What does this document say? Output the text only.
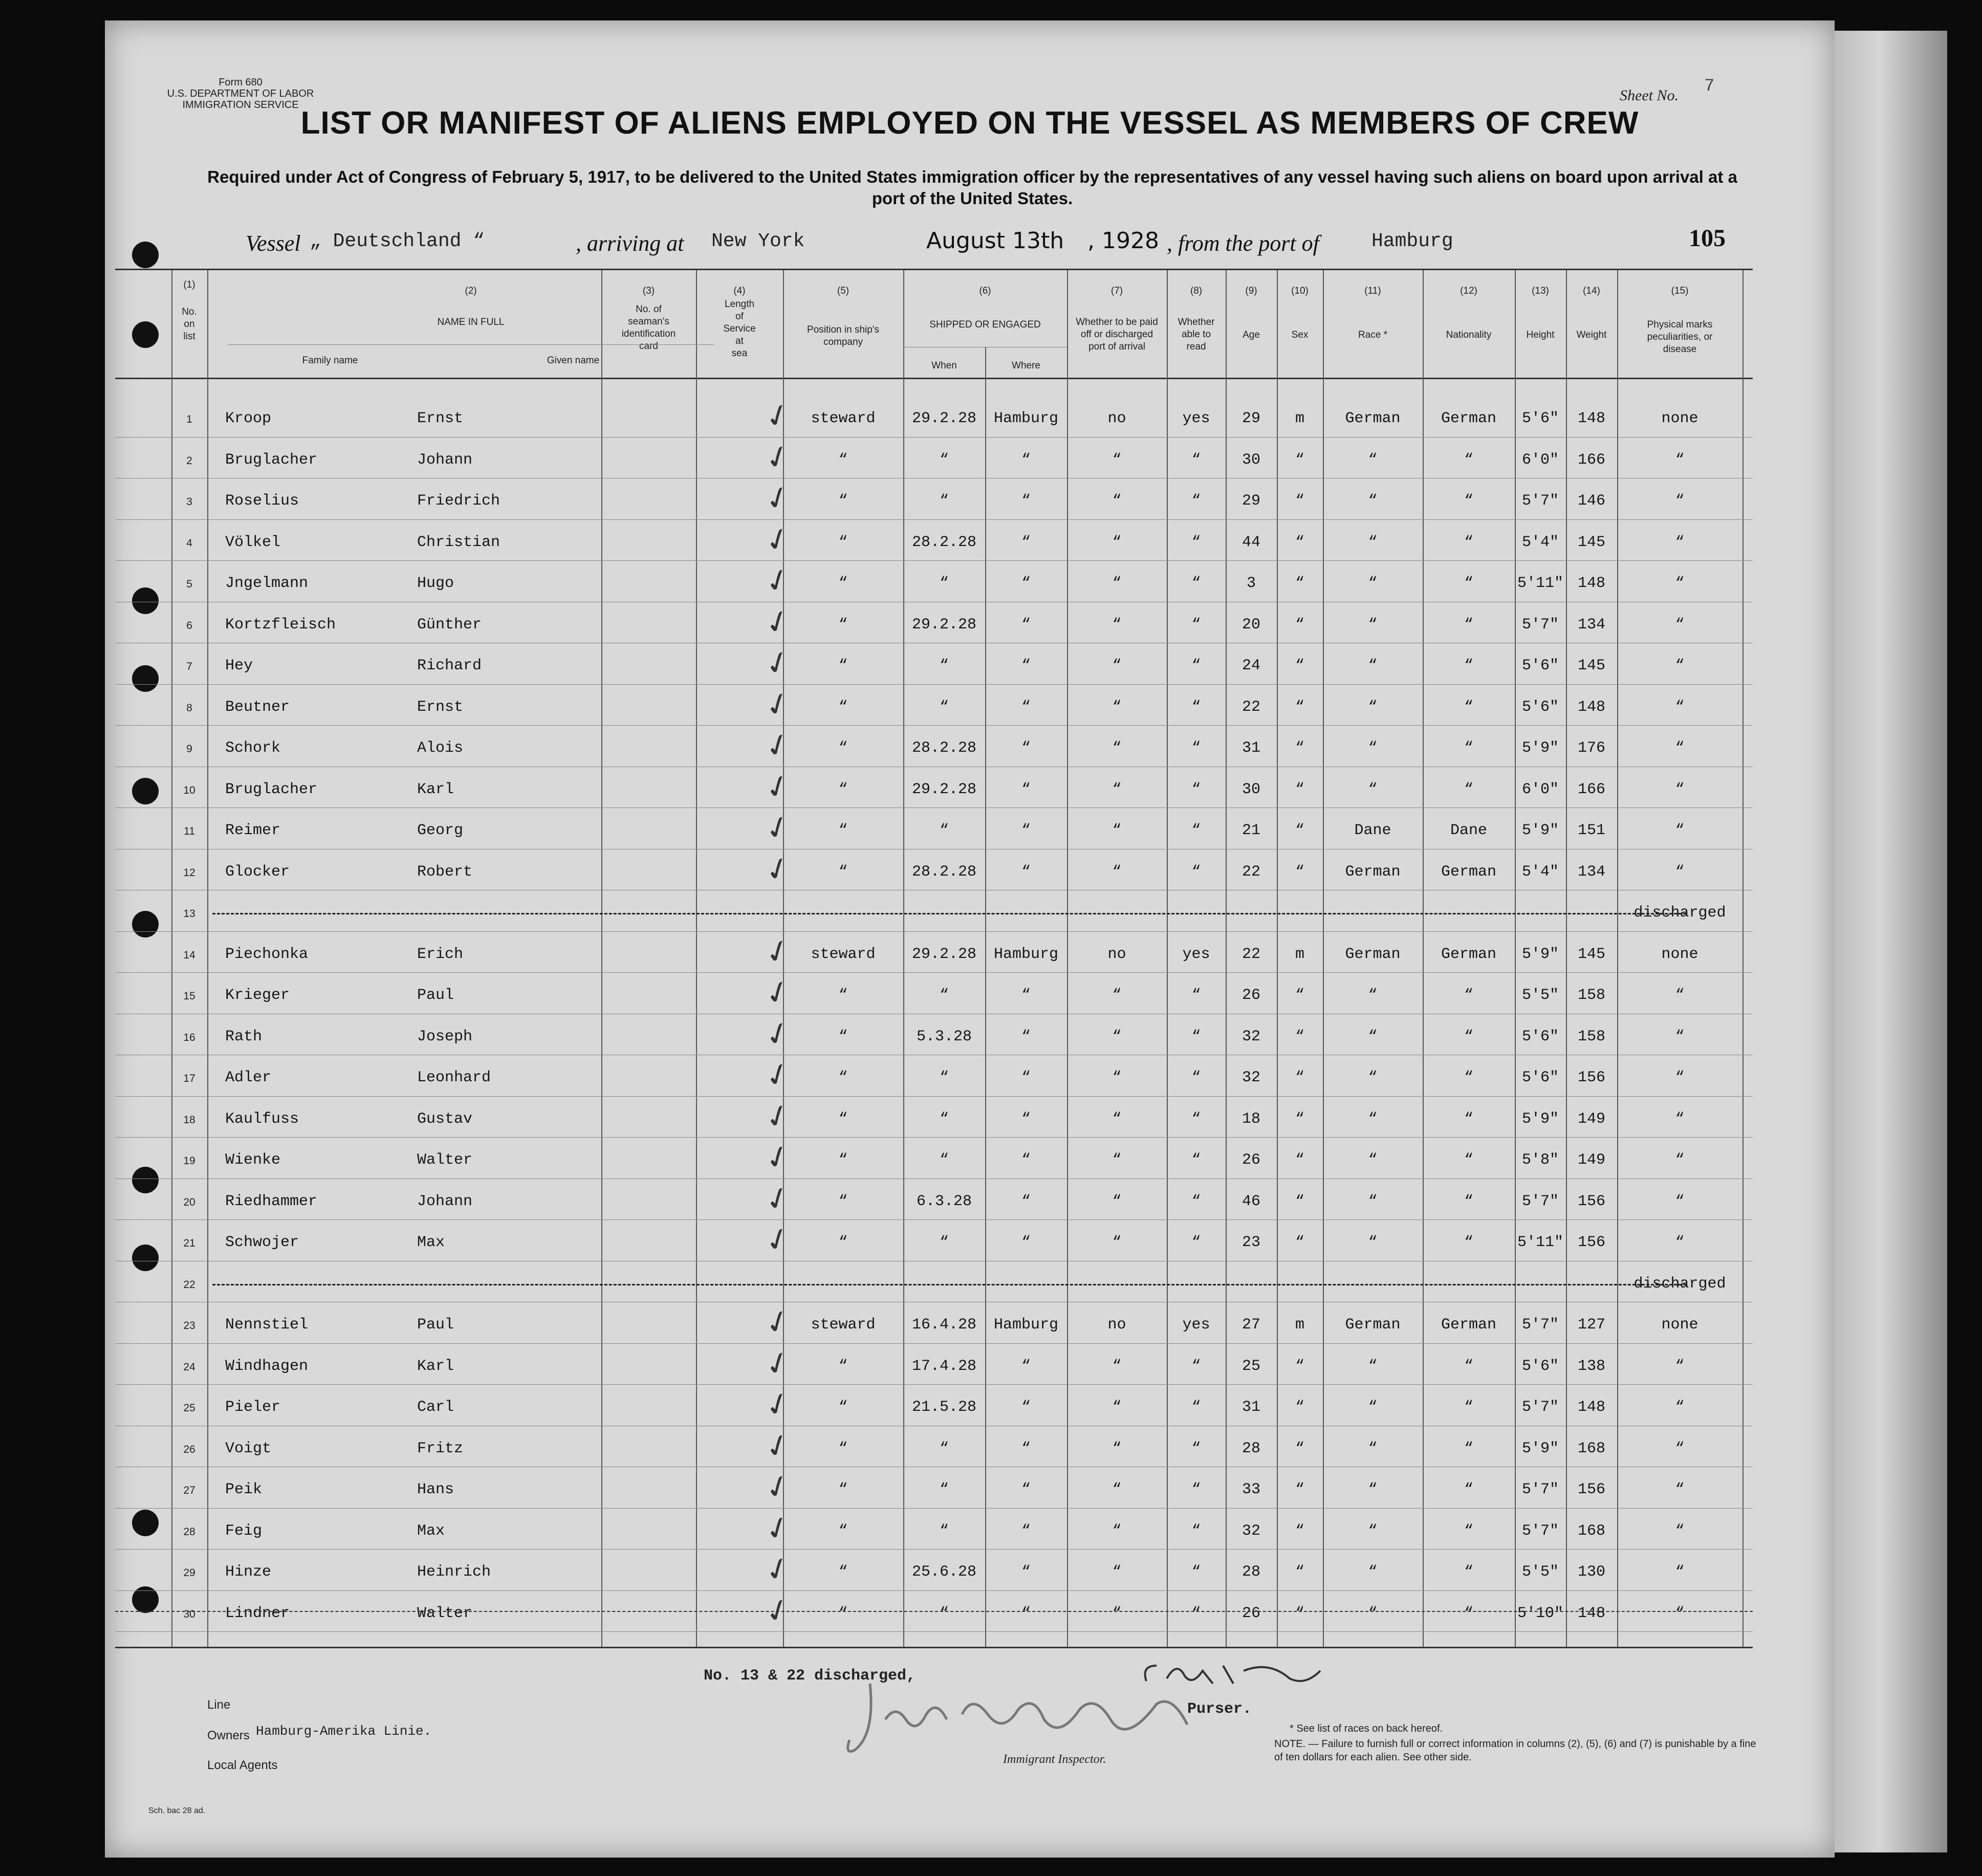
Form 680
U.S. DEPARTMENT OF LABOR
IMMIGRATION SERVICE
Sheet No. 7
LIST OR MANIFEST OF ALIENS EMPLOYED ON THE VESSEL AS MEMBERS OF CREW
Required under Act of Congress of February 5, 1917, to be delivered to the United States immigration officer by the representatives of any vessel having such aliens on board upon arrival at a port of the United States.
Vessel „ Deutschland “	, arriving at New York	August 13th , 1928 , from the port of	Hamburg	105
(1)
No.
on
list
(2)
NAME IN FULL
Family name	Given name
(3)
No. of
seaman's
identification
card
(4)
Length
of
Service
at
sea
(5)
Position in ship's
company
(6)
SHIPPED OR ENGAGED
When	Where
(7)
Whether to be paid
off or discharged
port of arrival
(8)
Whether
able to
read
(9)
Age
(10)
Sex
(11)
Race *
(12)
Nationality
(13)
Height
(14)
Weight
(15)
Physical marks
peculiarities, or
disease
1	Kroop	Ernst	steward	29.2.28	Hamburg	no	yes	29	m	German	German	5'6"	148	none
✓
2	Bruglacher	Johann	“	“	“	“	“	30	“	“	“	6'0"	166	“
✓
3	Roselius	Friedrich	“	“	“	“	“	29	“	“	“	5'7"	146	“
✓
4	Völkel	Christian	“	28.2.28	“	“	“	44	“	“	“	5'4"	145	“
✓
5	Jngelmann	Hugo	“	“	“	“	“	3	“	“	“	5'11" 148	“
✓
6	Kortzfleisch	Günther	“	29.2.28	“	“	“	20	“	“	“	5'7"	134	“
✓
7	Hey	Richard	“	“	“	“	“	24	“	“	“	5'6"	145	“
✓
8	Beutner	Ernst	“	“	“	“	“	22	“	“	“	5'6"	148	“
✓
9	Schork	Alois	“	28.2.28	“	“	“	31	“	“	“	5'9"	176	“
✓
10	Bruglacher	Karl	“	29.2.28	“	“	“	30	“	“	“	6'0"	166	“
✓
11	Reimer	Georg	“	“	“	“	“	21	“	Dane	Dane	5'9"	151	“
✓
12	Glocker	Robert	“	28.2.28	“	“	“	22	“	German	German	5'4"	134	“
✓
13	discharged
14	Piechonka	Erich	steward	29.2.28	Hamburg	no	yes	22	m	German	German	5'9"	145	none
✓
15	Krieger	Paul	“	“	“	“	“	26	“	“	“	5'5"	158	“
✓
16	Rath	Joseph	“	5.3.28	“	“	“	32	“	“	“	5'6"	158	“
✓
17	Adler	Leonhard	“	“	“	“	“	32	“	“	“	5'6"	156	“
✓
18	Kaulfuss	Gustav	“	“	“	“	“	18	“	“	“	5'9"	149	“
✓
19	Wienke	Walter	“	“	“	“	“	26	“	“	“	5'8"	149	“
✓
20	Riedhammer	Johann	“	6.3.28	“	“	“	46	“	“	“	5'7"	156	“
✓
21	Schwojer	Max	“	“	“	“	“	23	“	“	“	5'11" 156	“
✓
22	discharged
23	Nennstiel	Paul	steward	16.4.28	Hamburg	no	yes	27	m	German	German	5'7"	127	none
✓
24	Windhagen	Karl	“	17.4.28	“	“	“	25	“	“	“	5'6"	138	“
✓
25	Pieler	Carl	“	21.5.28	“	“	“	31	“	“	“	5'7"	148	“
✓
26	Voigt	Fritz	“	“	“	“	“	28	“	“	“	5'9"	168	“
✓
27	Peik	Hans	“	“	“	“	“	33	“	“	“	5'7"	156	“
✓
28	Feig	Max	“	“	“	“	“	32	“	“	“	5'7"	168	“
✓
29	Hinze	Heinrich	“	25.6.28	“	“	“	28	“	“	“	5'5"	130	“
✓
30	Lindner	Walter	“	“	“	“	“	26	“	“	“	5'10" 148	“
✓
No. 13 & 22 discharged,
Purser.
Line
Owners Hamburg-Amerika Linie.
Local Agents	Immigrant Inspector.
* See list of races on back hereof.
NOTE. — Failure to furnish full or correct information in columns (2), (5), (6) and (7) is punishable by a fine of ten dollars for each alien. See other side.
Sch. bac 28 ad.
